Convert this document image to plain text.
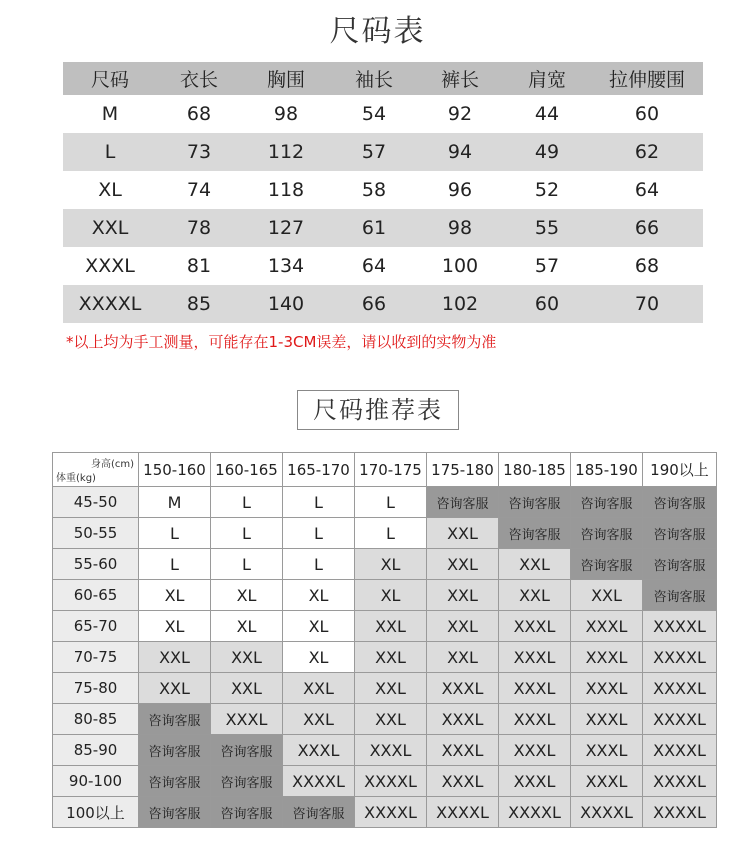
尺码表
尺码	衣长	胸围	袖长	裤长	肩宽	拉伸腰围
M	68	98	54	92	44	60
L	73	112	57	94	49	62
XL	74	118	58	96	52	64
XXL	78	127	61	98	55	66
XXXL	81	134	64	100	57	68
XXXXL	85	140	66	102	60	70
*以上均为手工测量，可能存在1-3CM误差，请以收到的实物为准
尺码推荐表
身高(cm)
体重(kg)	150-160	160-165	165-170	170-175	175-180	180-185	185-190	190以上
45-50	M	L	L	L	咨询客服	咨询客服	咨询客服	咨询客服
50-55	L	L	L	L	XXL	咨询客服	咨询客服	咨询客服
55-60	L	L	L	XL	XXL	XXL	咨询客服	咨询客服
60-65	XL	XL	XL	XL	XXL	XXL	XXL	咨询客服
65-70	XL	XL	XL	XXL	XXL	XXXL	XXXL	XXXXL
70-75	XXL	XXL	XL	XXL	XXL	XXXL	XXXL	XXXXL
75-80	XXL	XXL	XXL	XXL	XXXL	XXXL	XXXL	XXXXL
80-85	咨询客服	XXXL	XXL	XXL	XXXL	XXXL	XXXL	XXXXL
85-90	咨询客服	咨询客服	XXXL	XXXL	XXXL	XXXL	XXXL	XXXXL
90-100	咨询客服	咨询客服	XXXXL	XXXXL	XXXL	XXXL	XXXL	XXXXL
100以上	咨询客服	咨询客服	咨询客服	XXXXL	XXXXL	XXXXL	XXXXL	XXXXL
